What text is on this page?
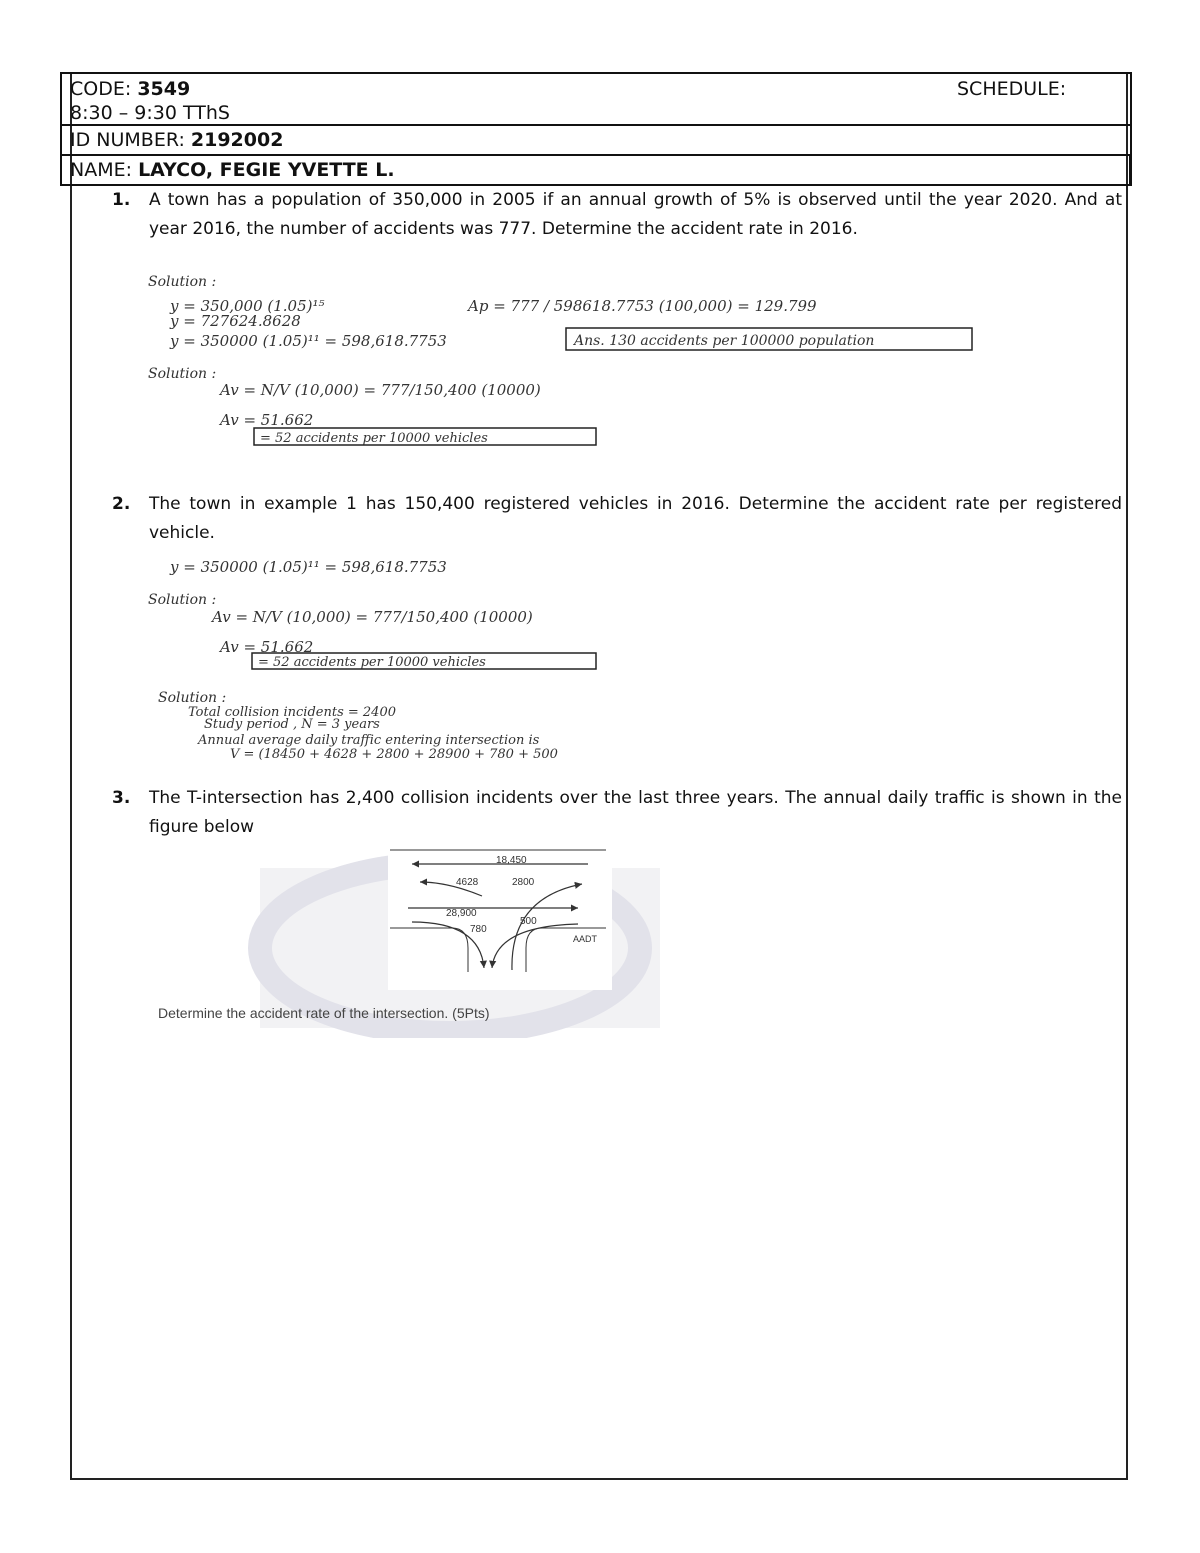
CODE: 3549	SCHEDULE:
8:30 – 9:30 TThS
ID NUMBER: 2192002
NAME: LAYCO, FEGIE YVETTE L.
1. A town has a population of 350,000 in 2005 if an annual growth of 5% is observed until the year 2020. And at year 2016, the number of accidents was 777. Determine the accident rate in 2016.
Solution :
y = 350,000 (1.05)¹⁵
y = 727624.8628
y = 350000 (1.05)¹¹ = 598,618.7753
Ap = 777 / 598618.7753 (100,000) = 129.799
Ans. 130 accidents per 100000 population
Solution :
Av = N/V (10,000) = 777/150,400 (10000)
Av = 51.662
= 52 accidents per 10000 vehicles
2. The town in example 1 has 150,400 registered vehicles in 2016. Determine the accident rate per registered vehicle.
y = 350000 (1.05)¹¹ = 598,618.7753
Solution :
Av = N/V (10,000) = 777/150,400 (10000)
Av = 51.662
= 52 accidents per 10000 vehicles
Solution :
Total collision incidents = 2400
Study period , N = 3 years
Annual average daily traffic entering intersection is
V = (18450 + 4628 + 2800 + 28900 + 780 + 500
3. The T-intersection has 2,400 collision incidents over the last three years. The annual daily traffic is shown in the figure below
18,450
4628	2800
28,900
780
500
AADT
Determine the accident rate of the intersection. (5Pts)
